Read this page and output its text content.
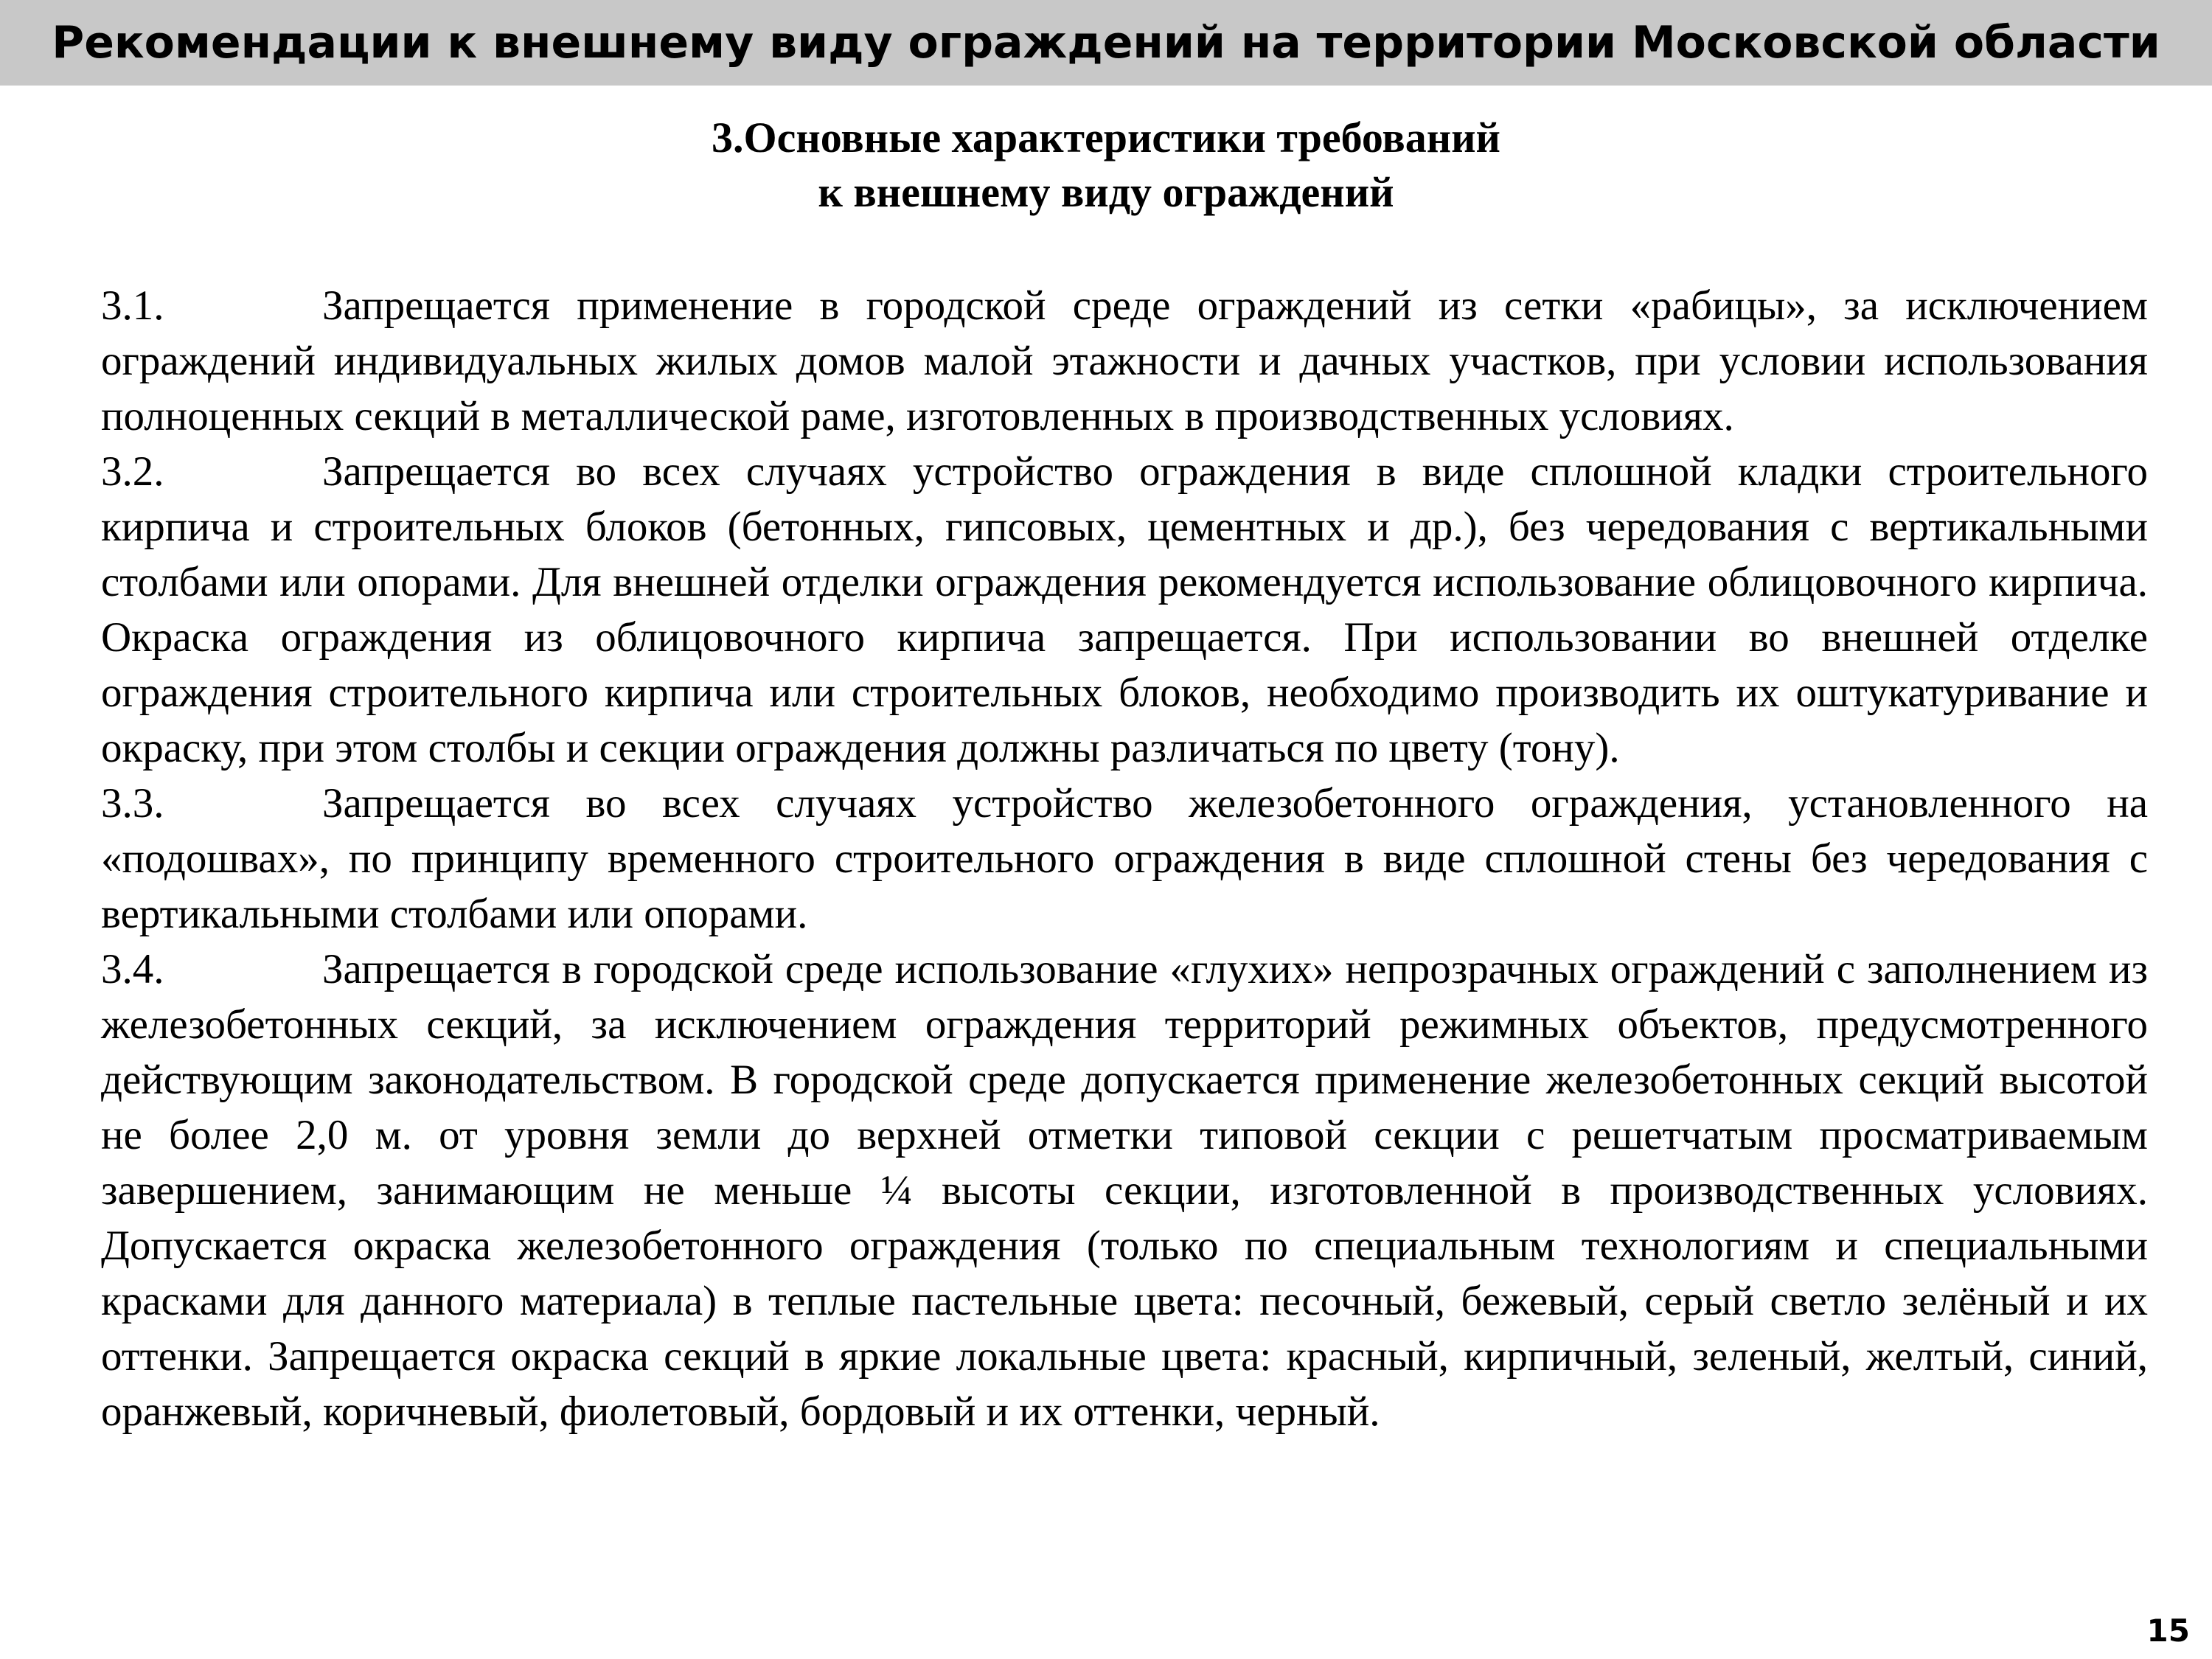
Рекомендации к внешнему виду ограждений на территории Московской области
3.Основные характеристики требований
к внешнему виду ограждений

3.1.	Запрещается применение в городской среде ограждений из сетки «рабицы», за исключением ограждений индивидуальных жилых домов малой этажности и дачных участков, при условии использования полноценных секций в металлической раме, изготовленных в производственных условиях.

3.2.	Запрещается во всех случаях устройство ограждения в виде сплошной кладки строительного кирпича и строительных блоков (бетонных, гипсовых, цементных и др.), без чередования с вертикальными столбами или опорами. Для внешней отделки ограждения рекомендуется использование облицовочного кирпича. Окраска ограждения из облицовочного кирпича запрещается. При использовании во внешней отделке ограждения строительного кирпича или строительных блоков, необходимо производить их оштукатуривание и окраску, при этом столбы и секции ограждения должны различаться по цвету (тону).

3.3.	Запрещается во всех случаях устройство железобетонного ограждения, установленного на «подошвах», по принципу временного строительного ограждения в виде сплошной стены без чередования с вертикальными столбами или опорами.

3.4.	Запрещается в городской среде использование «глухих» непрозрачных ограждений с заполнением из железобетонных секций, за исключением ограждения территорий режимных объектов, предусмотренного действующим законодательством. В городской среде допускается применение железобетонных секций высотой не более 2,0 м. от уровня земли до верхней отметки типовой секции с решетчатым просматриваемым завершением, занимающим не меньше ¼ высоты секции, изготовленной в производственных условиях. Допускается окраска железобетонного ограждения (только по специальным технологиям и специальными красками для данного материала) в теплые пастельные цвета: песочный, бежевый, серый светло зелёный и их оттенки. Запрещается окраска секций в яркие локальные цвета: красный, кирпичный, зеленый, желтый, синий, оранжевый, коричневый, фиолетовый, бордовый и их оттенки, черный.

15
